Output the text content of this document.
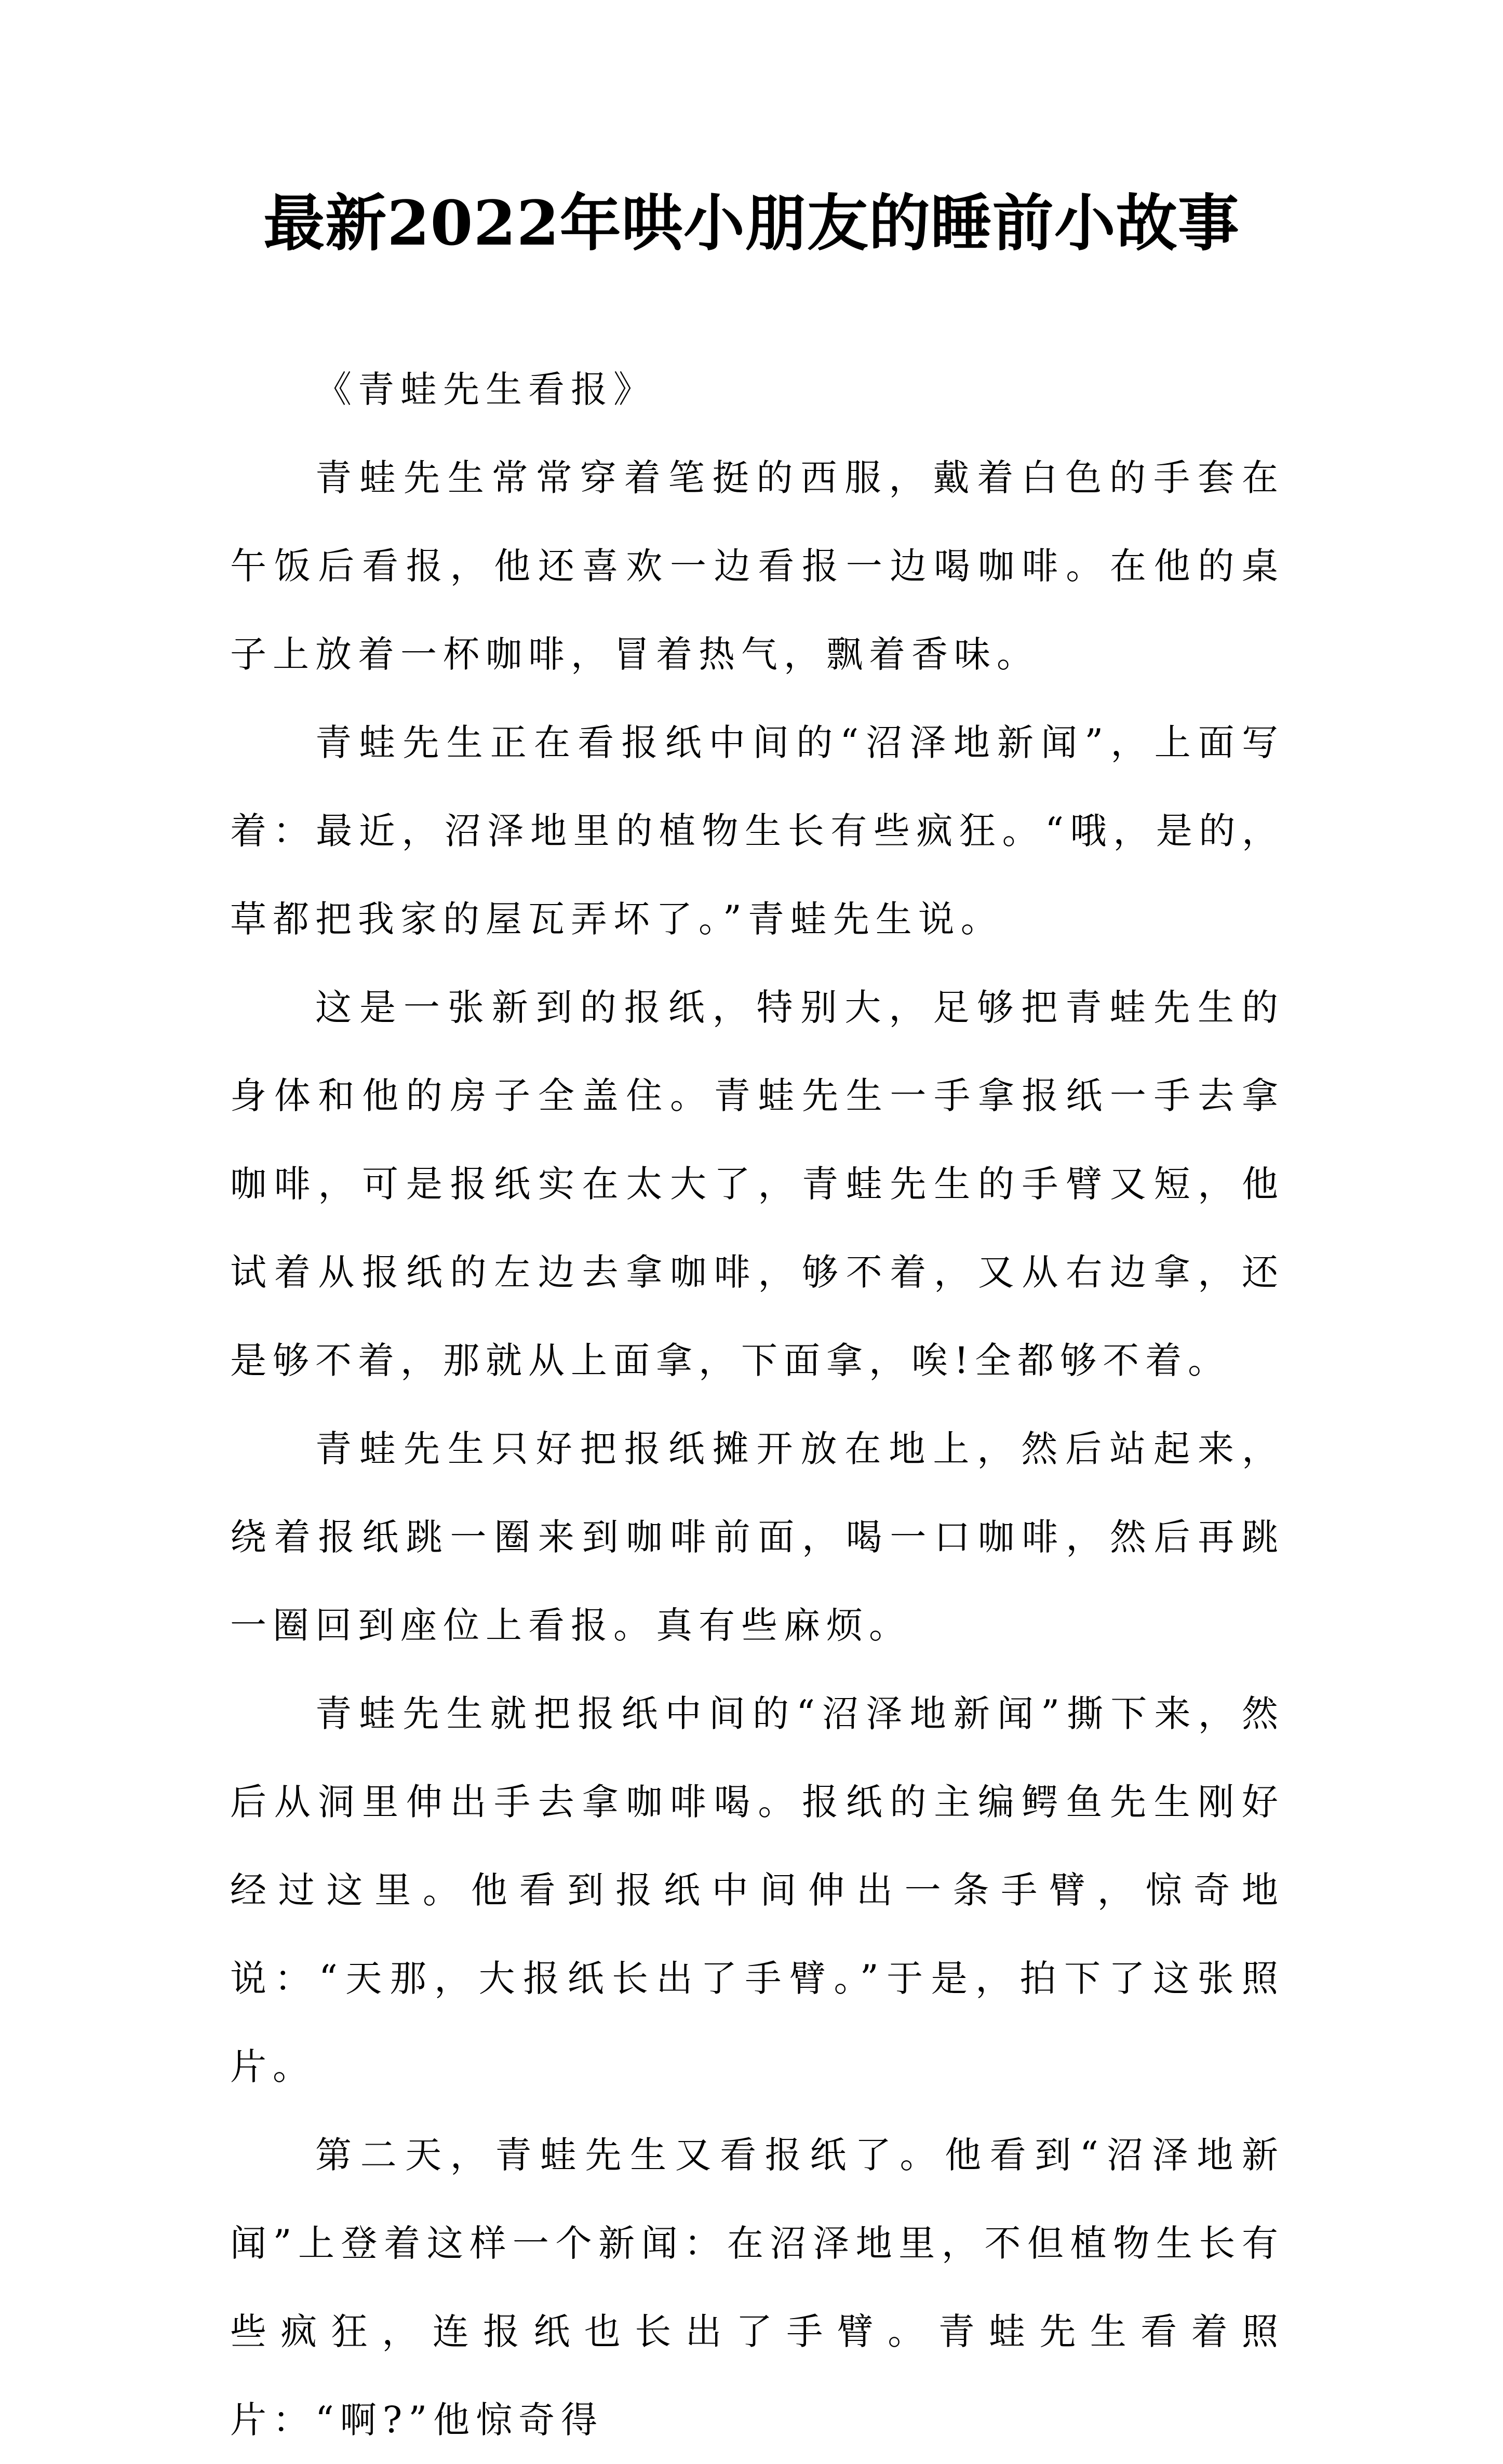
最新2022年哄小朋友的睡前小故事

《青蛙先生看报》

青蛙先生常常穿着笔挺的西服，戴着白色的手套在午饭后看报，他还喜欢一边看报一边喝咖啡。在他的桌子上放着一杯咖啡，冒着热气，飘着香味。

青蛙先生正在看报纸中间的“沼泽地新闻”，上面写着：最近，沼泽地里的植物生长有些疯狂。“哦，是的，草都把我家的屋瓦弄坏了。”青蛙先生说。

这是一张新到的报纸，特别大，足够把青蛙先生的身体和他的房子全盖住。青蛙先生一手拿报纸一手去拿咖啡，可是报纸实在太大了，青蛙先生的手臂又短，他试着从报纸的左边去拿咖啡，够不着，又从右边拿，还是够不着，那就从上面拿，下面拿，唉!全都够不着。

青蛙先生只好把报纸摊开放在地上，然后站起来，绕着报纸跳一圈来到咖啡前面，喝一口咖啡，然后再跳一圈回到座位上看报。真有些麻烦。

青蛙先生就把报纸中间的“沼泽地新闻”撕下来，然后从洞里伸出手去拿咖啡喝。报纸的主编鳄鱼先生刚好经过这里。他看到报纸中间伸出一条手臂，惊奇地说：“天那，大报纸长出了手臂。”于是，拍下了这张照片。

第二天，青蛙先生又看报纸了。他看到“沼泽地新闻”上登着这样一个新闻：在沼泽地里，不但植物生长有些疯狂，连报纸也长出了手臂。青蛙先生看着照片：“啊?”他惊奇得
